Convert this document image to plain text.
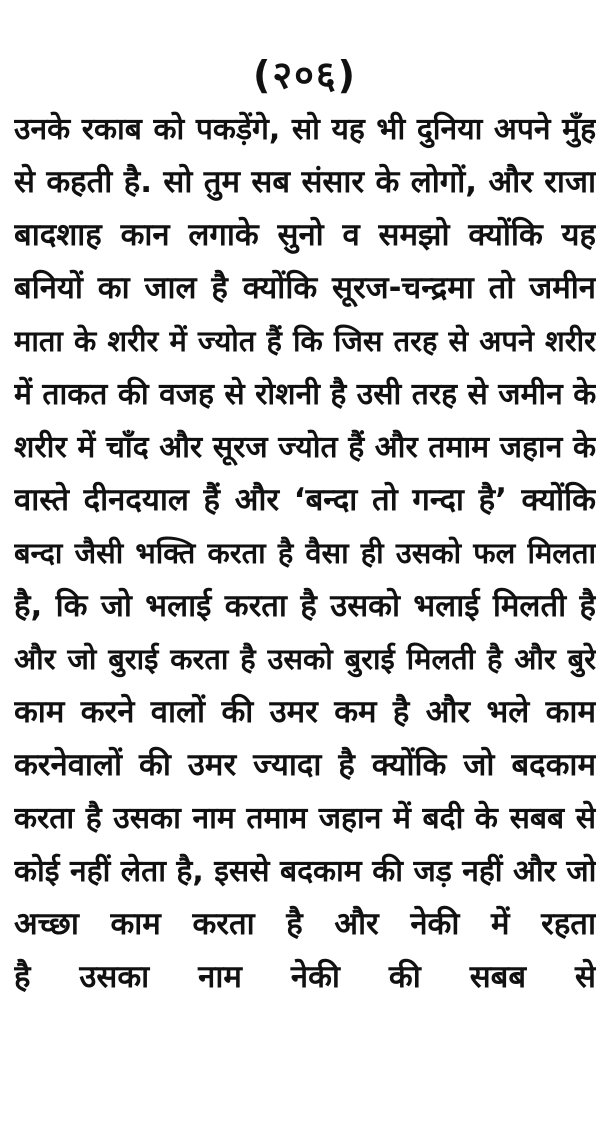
(२०६)
उनके रकाब को पकड़ेंगे, सो यह भी दुनिया अपने मुँह
से कहती है. सो तुम सब संसार के लोगों, और राजा
बादशाह कान लगाके सुनो व समझो क्योंकि यह
बनियों का जाल है क्योंकि सूरज-चन्द्रमा तो जमीन
माता के शरीर में ज्योत हैं कि जिस तरह से अपने शरीर
में ताकत की वजह से रोशनी है उसी तरह से जमीन के
शरीर में चाँद और सूरज ज्योत हैं और तमाम जहान के
वास्ते दीनदयाल हैं और ‘बन्दा तो गन्दा है’ क्योंकि
बन्दा जैसी भक्ति करता है वैसा ही उसको फल मिलता
है, कि जो भलाई करता है उसको भलाई मिलती है
और जो बुराई करता है उसको बुराई मिलती है और बुरे
काम करने वालों की उमर कम है और भले काम
करनेवालों की उमर ज्यादा है क्योंकि जो बदकाम
करता है उसका नाम तमाम जहान में बदी के सबब से
कोई नहीं लेता है, इससे बदकाम की जड़ नहीं और जो
अच्छा काम करता है और नेकी में रहता
है उसका नाम नेकी की सबब से
